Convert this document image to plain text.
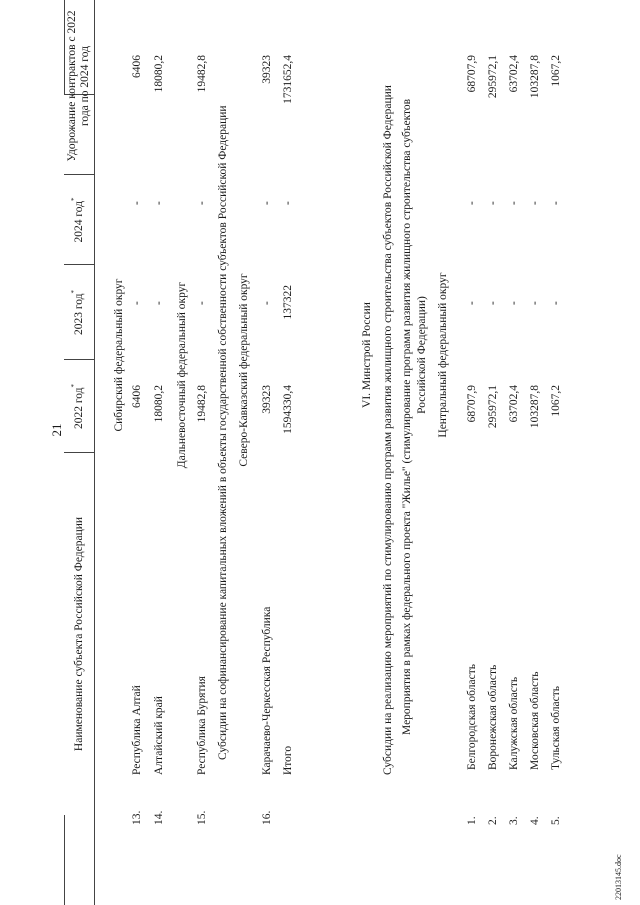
21
Наименование субъекта Российской Федерации
2022 год*
2023 год*
2024 год*
Удорожание контрактов с 2022 года по 2024 год
Сибирский федеральный округ
13.
Республика Алтай
6406
-
-
6406
14.
Алтайский край
18080,2
-
-
18080,2
Дальневосточный федеральный округ
15.
Республика Бурятия
19482,8
-
-
19482,8
Субсидии на софинансирование капитальных вложений в объекты государственной собственности субъектов Российской Федерации Северо-Кавказский федеральный округ
16.
Карачаево-Черкесская Республика
39323
-
-
39323
Итого
1594330,4
137322
-
1731652,4
VI. Минстрой России Субсидии на реализацию мероприятий по стимулированию программ развития жилищного строительства субъектов Российской Федерации Мероприятия в рамках федерального проекта "Жилье" (стимулирование программ развития жилищного строительства субъектов Российской Федерации) Центральный федеральный округ
1.
Белгородская область
68707,9
-
-
68707,9
2.
Воронежская область
295972,1
-
-
295972,1
3.
Калужская область
63702,4
-
-
63702,4
4.
Московская область
103287,8
-
-
103287,8
5.
Тульская область
1067,2
-
-
1067,2
22013145.doc
